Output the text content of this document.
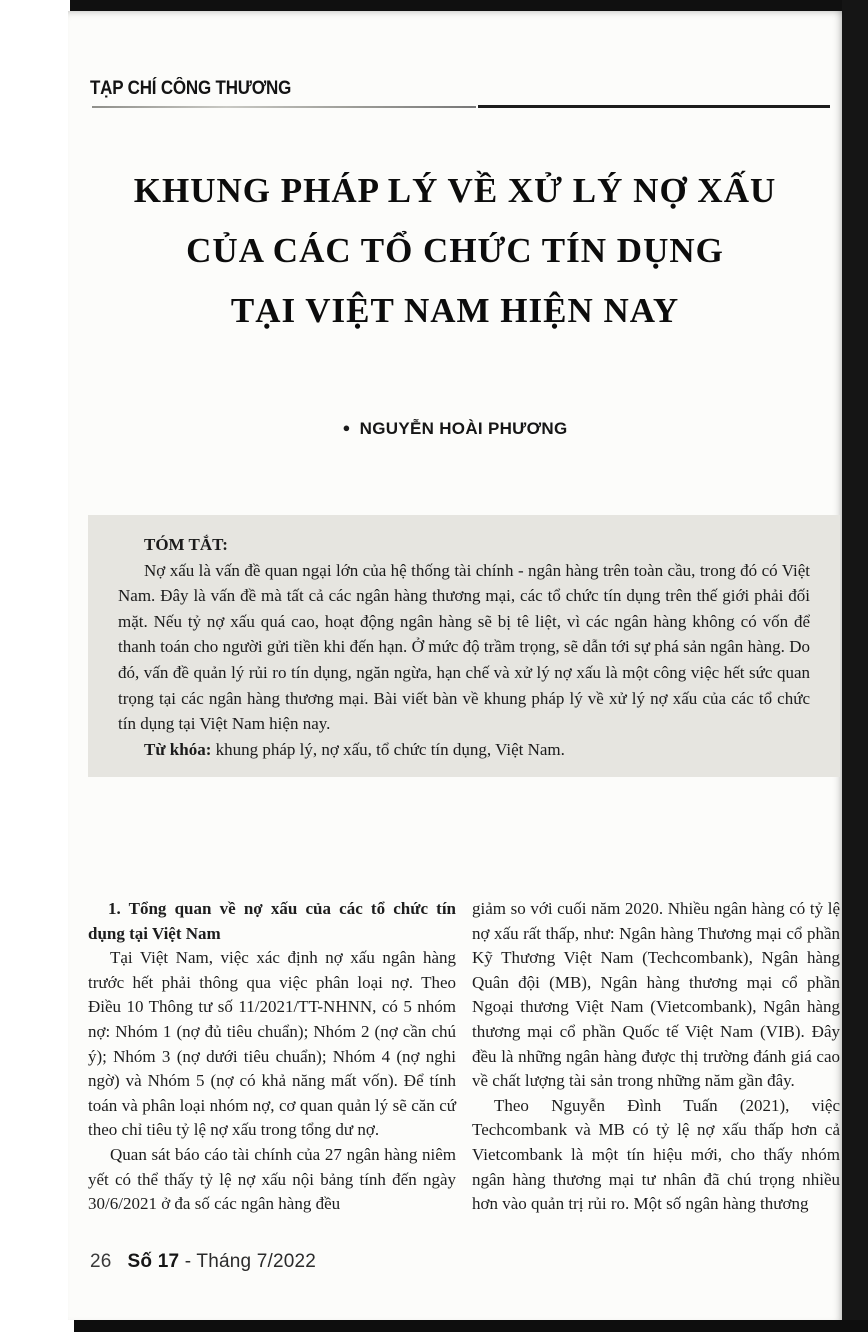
TẠP CHÍ CÔNG THƯƠNG
KHUNG PHÁP LÝ VỀ XỬ LÝ NỢ XẤU
CỦA CÁC TỔ CHỨC TÍN DỤNG
TẠI VIỆT NAM HIỆN NAY
● NGUYỄN HOÀI PHƯƠNG

TÓM TẮT:

Nợ xấu là vấn đề quan ngại lớn của hệ thống tài chính - ngân hàng trên toàn cầu, trong đó có Việt Nam. Đây là vấn đề mà tất cả các ngân hàng thương mại, các tổ chức tín dụng trên thế giới phải đối mặt. Nếu tỷ nợ xấu quá cao, hoạt động ngân hàng sẽ bị tê liệt, vì các ngân hàng không có vốn để thanh toán cho người gửi tiền khi đến hạn. Ở mức độ trầm trọng, sẽ dẫn tới sự phá sản ngân hàng. Do đó, vấn đề quản lý rủi ro tín dụng, ngăn ngừa, hạn chế và xử lý nợ xấu là một công việc hết sức quan trọng tại các ngân hàng thương mại. Bài viết bàn về khung pháp lý về xử lý nợ xấu của các tổ chức tín dụng tại Việt Nam hiện nay.

Từ khóa: khung pháp lý, nợ xấu, tổ chức tín dụng, Việt Nam.

1. Tổng quan về nợ xấu của các tổ chức tín dụng tại Việt Nam

Tại Việt Nam, việc xác định nợ xấu ngân hàng trước hết phải thông qua việc phân loại nợ. Theo Điều 10 Thông tư số 11/2021/TT-NHNN, có 5 nhóm nợ: Nhóm 1 (nợ đủ tiêu chuẩn); Nhóm 2 (nợ cần chú ý); Nhóm 3 (nợ dưới tiêu chuẩn); Nhóm 4 (nợ nghi ngờ) và Nhóm 5 (nợ có khả năng mất vốn). Để tính toán và phân loại nhóm nợ, cơ quan quản lý sẽ căn cứ theo chỉ tiêu tỷ lệ nợ xấu trong tổng dư nợ.

Quan sát báo cáo tài chính của 27 ngân hàng niêm yết có thể thấy tỷ lệ nợ xấu nội bảng tính đến ngày 30/6/2021 ở đa số các ngân hàng đều

giảm so với cuối năm 2020. Nhiều ngân hàng có tỷ lệ nợ xấu rất thấp, như: Ngân hàng Thương mại cổ phần Kỹ Thương Việt Nam (Techcombank), Ngân hàng Quân đội (MB), Ngân hàng thương mại cổ phần Ngoại thương Việt Nam (Vietcombank), Ngân hàng thương mại cổ phần Quốc tế Việt Nam (VIB). Đây đều là những ngân hàng được thị trường đánh giá cao về chất lượng tài sản trong những năm gần đây.

Theo Nguyễn Đình Tuấn (2021), việc Techcombank và MB có tỷ lệ nợ xấu thấp hơn cả Vietcombank là một tín hiệu mới, cho thấy nhóm ngân hàng thương mại tư nhân đã chú trọng nhiều hơn vào quản trị rủi ro. Một số ngân hàng thương

26 Số 17 - Tháng 7/2022
